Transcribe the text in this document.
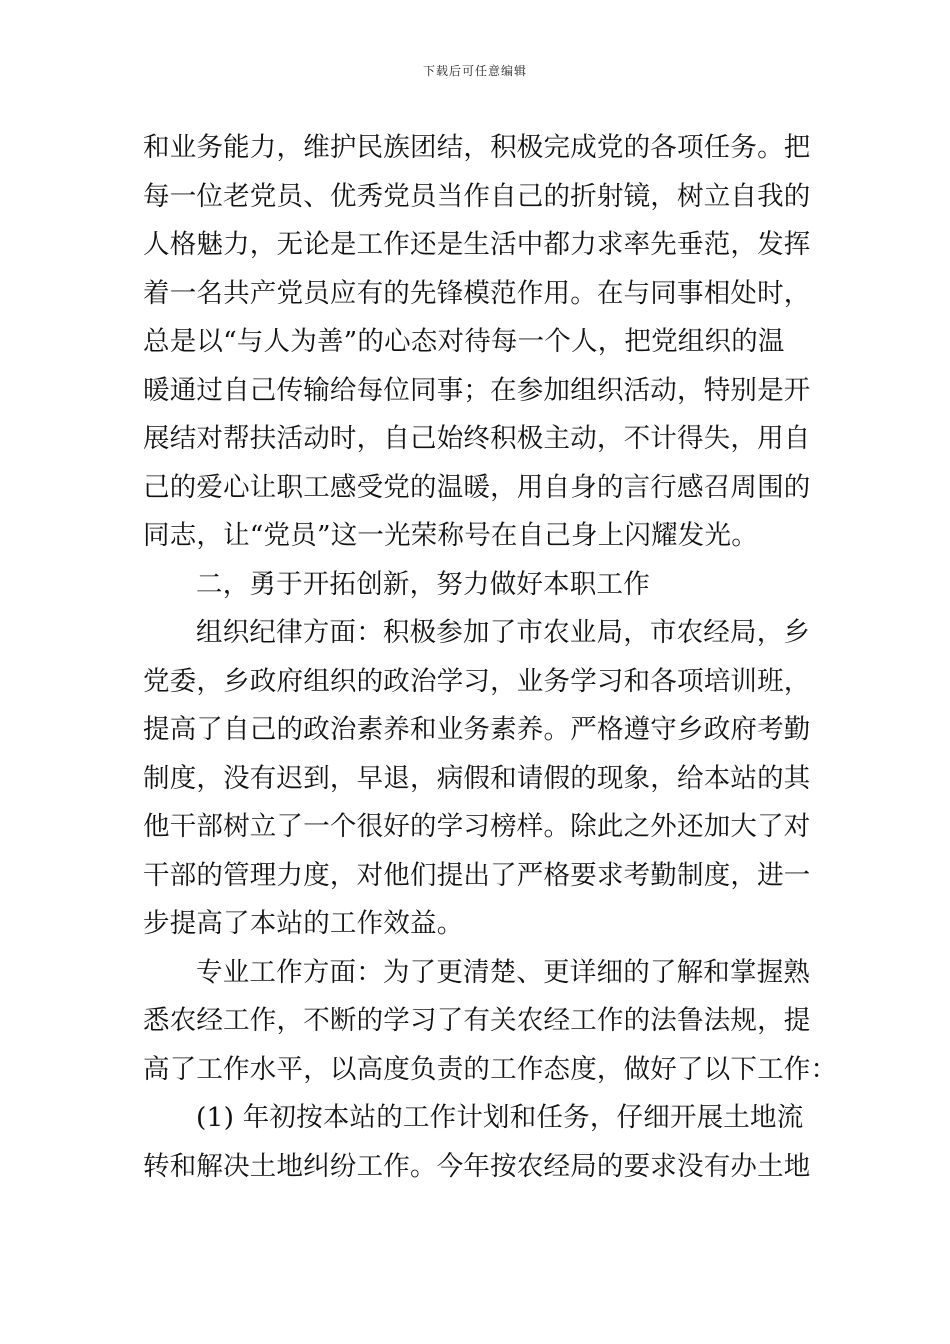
下载后可任意编辑
和业务能力，维护民族团结，积极完成党的各项任务。把
每一位老党员、优秀党员当作自己的折射镜，树立自我的
人格魅力，无论是工作还是生活中都力求率先垂范，发挥
着一名共产党员应有的先锋模范作用。在与同事相处时，
总是以“与人为善”的心态对待每一个人，把党组织的温
暖通过自己传输给每位同事；在参加组织活动，特别是开
展结对帮扶活动时，自己始终积极主动，不计得失，用自
己的爱心让职工感受党的温暖，用自身的言行感召周围的
同志，让“党员”这一光荣称号在自己身上闪耀发光。
二，勇于开拓创新，努力做好本职工作
组织纪律方面：积极参加了市农业局，市农经局，乡
党委，乡政府组织的政治学习，业务学习和各项培训班，
提高了自己的政治素养和业务素养。严格遵守乡政府考勤
制度，没有迟到，早退，病假和请假的现象，给本站的其
他干部树立了一个很好的学习榜样。除此之外还加大了对
干部的管理力度，对他们提出了严格要求考勤制度，进一
步提高了本站的工作效益。
专业工作方面：为了更清楚、更详细的了解和掌握熟
悉农经工作，不断的学习了有关农经工作的法鲁法规，提
高了工作水平，以高度负责的工作态度，做好了以下工作：
(1) 年初按本站的工作计划和任务，仔细开展土地流
转和解决土地纠纷工作。今年按农经局的要求没有办土地
